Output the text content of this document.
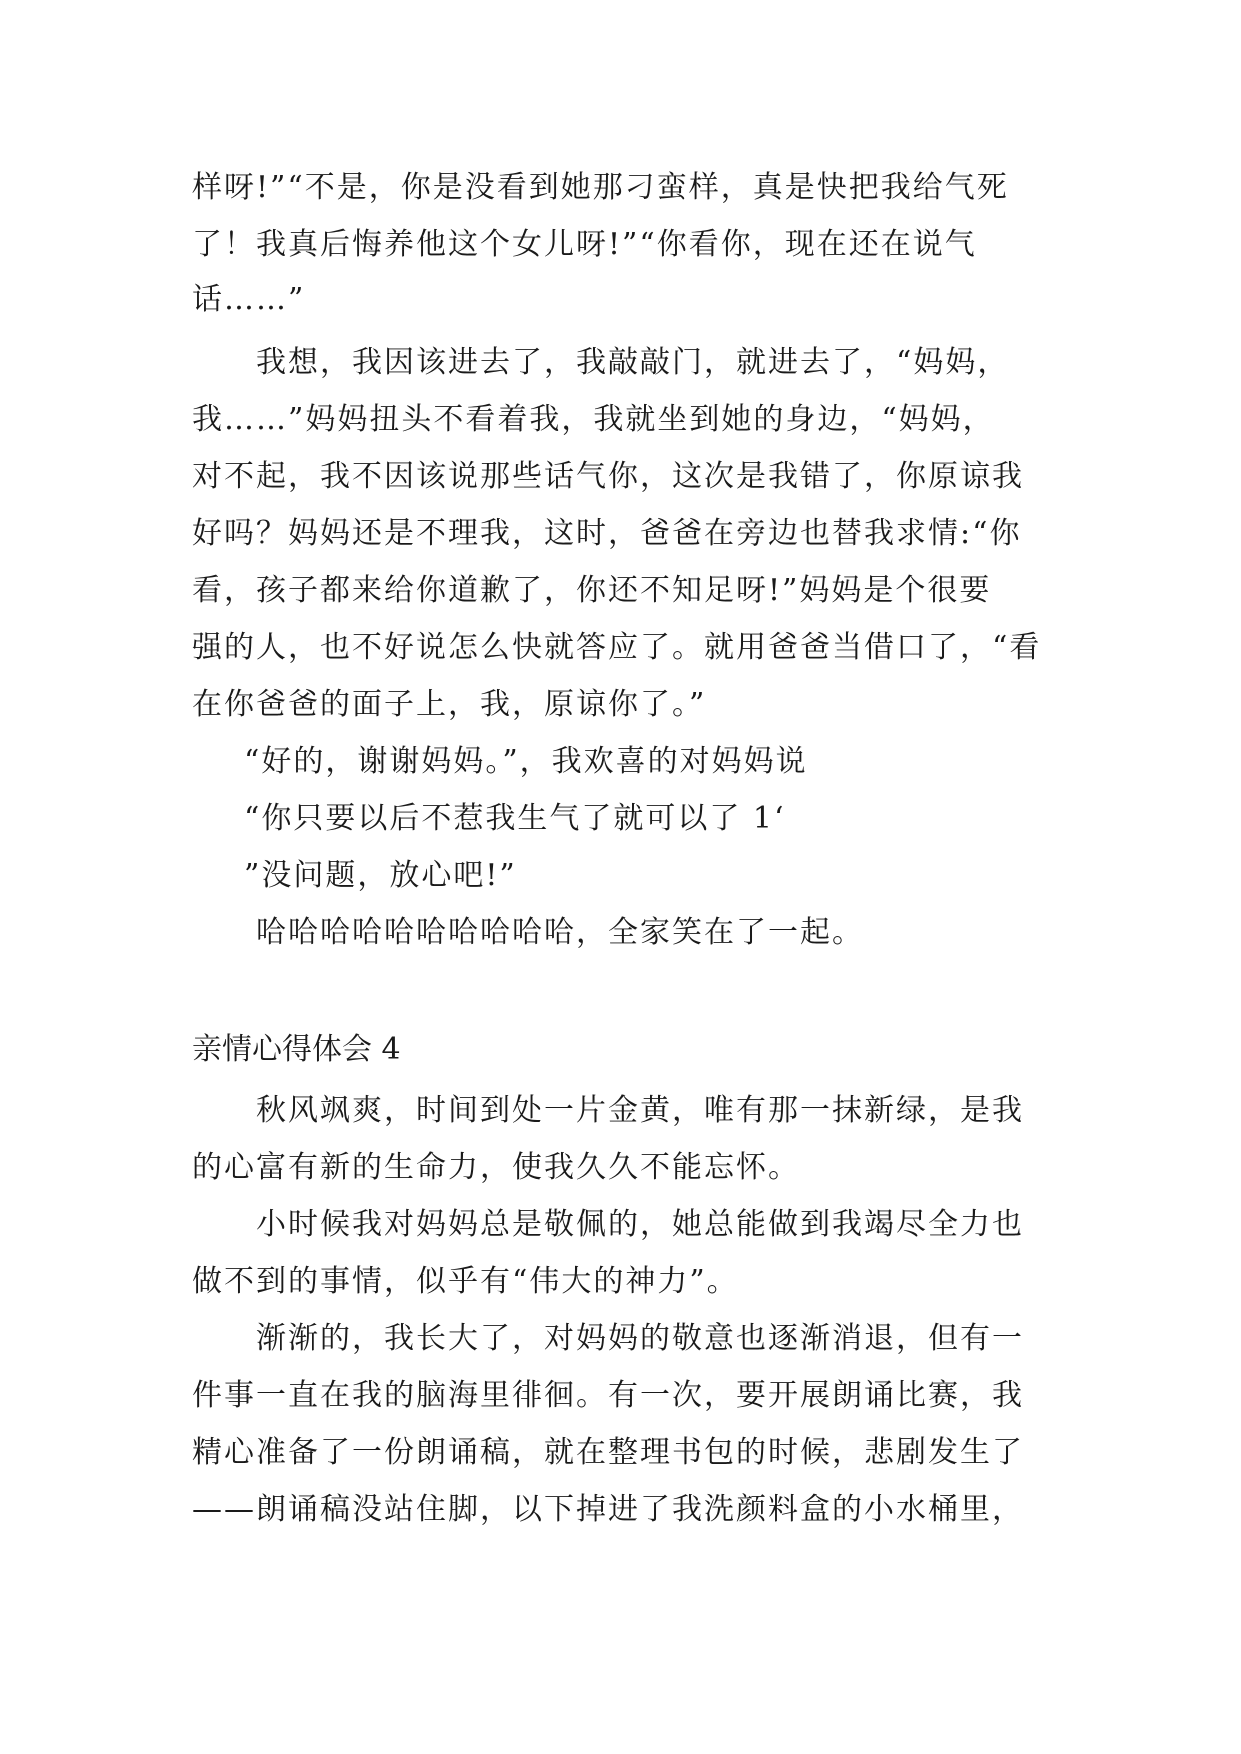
样呀!”“不是，你是没看到她那刁蛮样，真是快把我给气死
了！我真后悔养他这个女儿呀!”“你看你，现在还在说气
话……”
我想，我因该进去了，我敲敲门，就进去了，“妈妈，
我……”妈妈扭头不看着我，我就坐到她的身边，“妈妈，
对不起，我不因该说那些话气你，这次是我错了，你原谅我
好吗？妈妈还是不理我，这时，爸爸在旁边也替我求情:“你
看，孩子都来给你道歉了，你还不知足呀!”妈妈是个很要
强的人，也不好说怎么快就答应了。就用爸爸当借口了，“看
在你爸爸的面子上，我，原谅你了。”
“好的，谢谢妈妈。”，我欢喜的对妈妈说
“你只要以后不惹我生气了就可以了 1‘
”没问题，放心吧!”
哈哈哈哈哈哈哈哈哈哈，全家笑在了一起。
亲情心得体会 4
秋风飒爽，时间到处一片金黄，唯有那一抹新绿，是我
的心富有新的生命力，使我久久不能忘怀。
小时候我对妈妈总是敬佩的，她总能做到我竭尽全力也
做不到的事情，似乎有“伟大的神力”。
渐渐的，我长大了，对妈妈的敬意也逐渐消退，但有一
件事一直在我的脑海里徘徊。有一次，要开展朗诵比赛，我
精心准备了一份朗诵稿，就在整理书包的时候，悲剧发生了
——朗诵稿没站住脚，以下掉进了我洗颜料盒的小水桶里，
